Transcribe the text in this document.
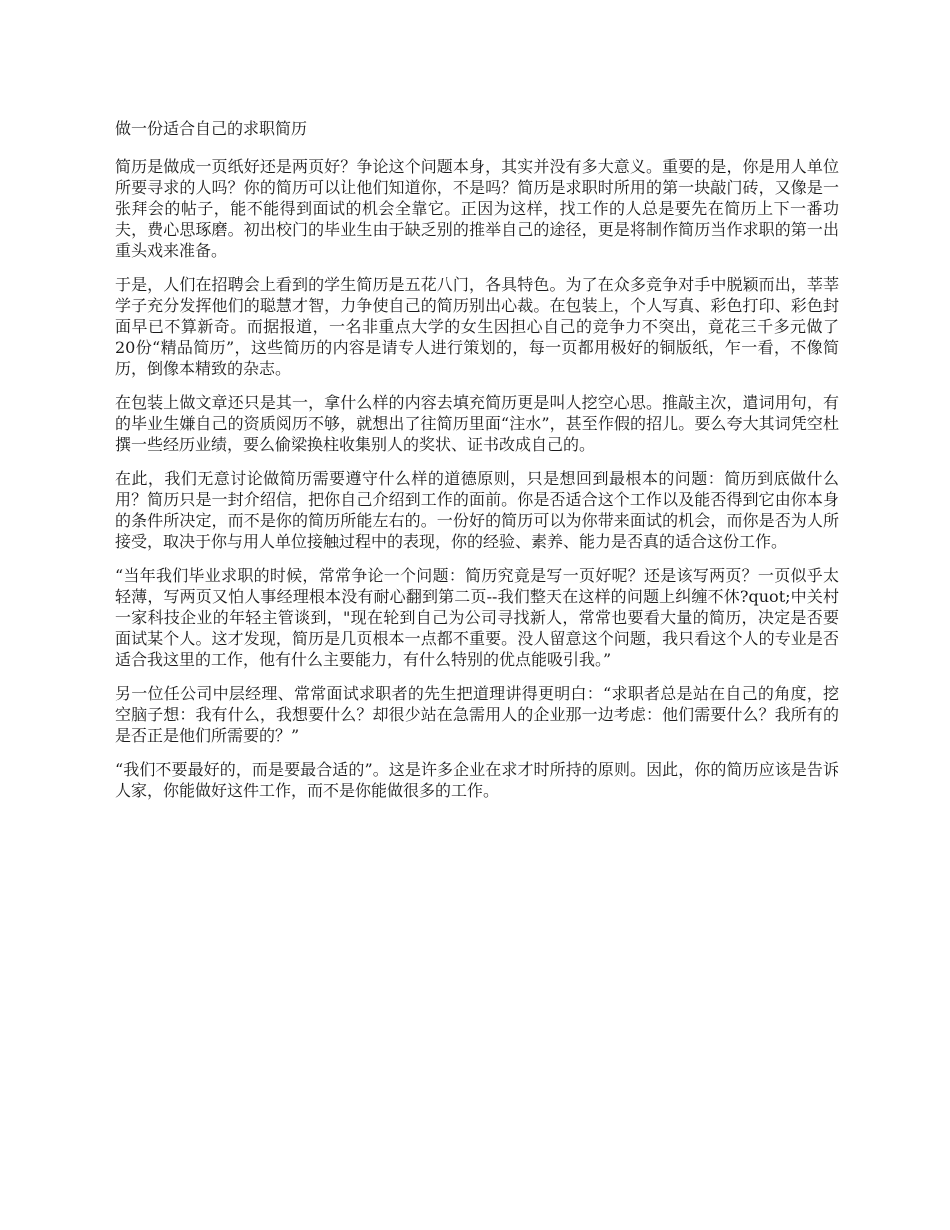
做一份适合自己的求职简历

简历是做成一页纸好还是两页好？争论这个问题本身，其实并没有多大意义。重要的是，你是用人单位所要寻求的人吗？你的简历可以让他们知道你，不是吗？简历是求职时所用的第一块敲门砖，又像是一张拜会的帖子，能不能得到面试的机会全靠它。正因为这样，找工作的人总是要先在简历上下一番功夫，费心思琢磨。初出校门的毕业生由于缺乏别的推举自己的途径，更是将制作简历当作求职的第一出重头戏来准备。

于是，人们在招聘会上看到的学生简历是五花八门，各具特色。为了在众多竞争对手中脱颖而出，莘莘学子充分发挥他们的聪慧才智，力争使自己的简历别出心裁。在包装上，个人写真、彩色打印、彩色封面早已不算新奇。而据报道，一名非重点大学的女生因担心自己的竞争力不突出，竟花三千多元做了20份“精品简历”，这些简历的内容是请专人进行策划的，每一页都用极好的铜版纸，乍一看，不像简历，倒像本精致的杂志。

在包装上做文章还只是其一，拿什么样的内容去填充简历更是叫人挖空心思。推敲主次，遣词用句，有的毕业生嫌自己的资质阅历不够，就想出了往简历里面“注水”，甚至作假的招儿。要么夸大其词凭空杜撰一些经历业绩，要么偷梁换柱收集别人的奖状、证书改成自己的。

在此，我们无意讨论做简历需要遵守什么样的道德原则，只是想回到最根本的问题：简历到底做什么用？简历只是一封介绍信，把你自己介绍到工作的面前。你是否适合这个工作以及能否得到它由你本身的条件所决定，而不是你的简历所能左右的。一份好的简历可以为你带来面试的机会，而你是否为人所接受，取决于你与用人单位接触过程中的表现，你的经验、素养、能力是否真的适合这份工作。

“当年我们毕业求职的时候，常常争论一个问题：简历究竟是写一页好呢？还是该写两页？一页似乎太轻薄，写两页又怕人事经理根本没有耐心翻到第二页--我们整天在这样的问题上纠缠不休?quot;中关村一家科技企业的年轻主管谈到，"现在轮到自己为公司寻找新人，常常也要看大量的简历，决定是否要面试某个人。这才发现，简历是几页根本一点都不重要。没人留意这个问题，我只看这个人的专业是否适合我这里的工作，他有什么主要能力，有什么特别的优点能吸引我。”

另一位任公司中层经理、常常面试求职者的先生把道理讲得更明白：“求职者总是站在自己的角度，挖空脑子想：我有什么，我想要什么？却很少站在急需用人的企业那一边考虑：他们需要什么？我所有的是否正是他们所需要的？”

“我们不要最好的，而是要最合适的”。这是许多企业在求才时所持的原则。因此，你的简历应该是告诉人家，你能做好这件工作，而不是你能做很多的工作。
